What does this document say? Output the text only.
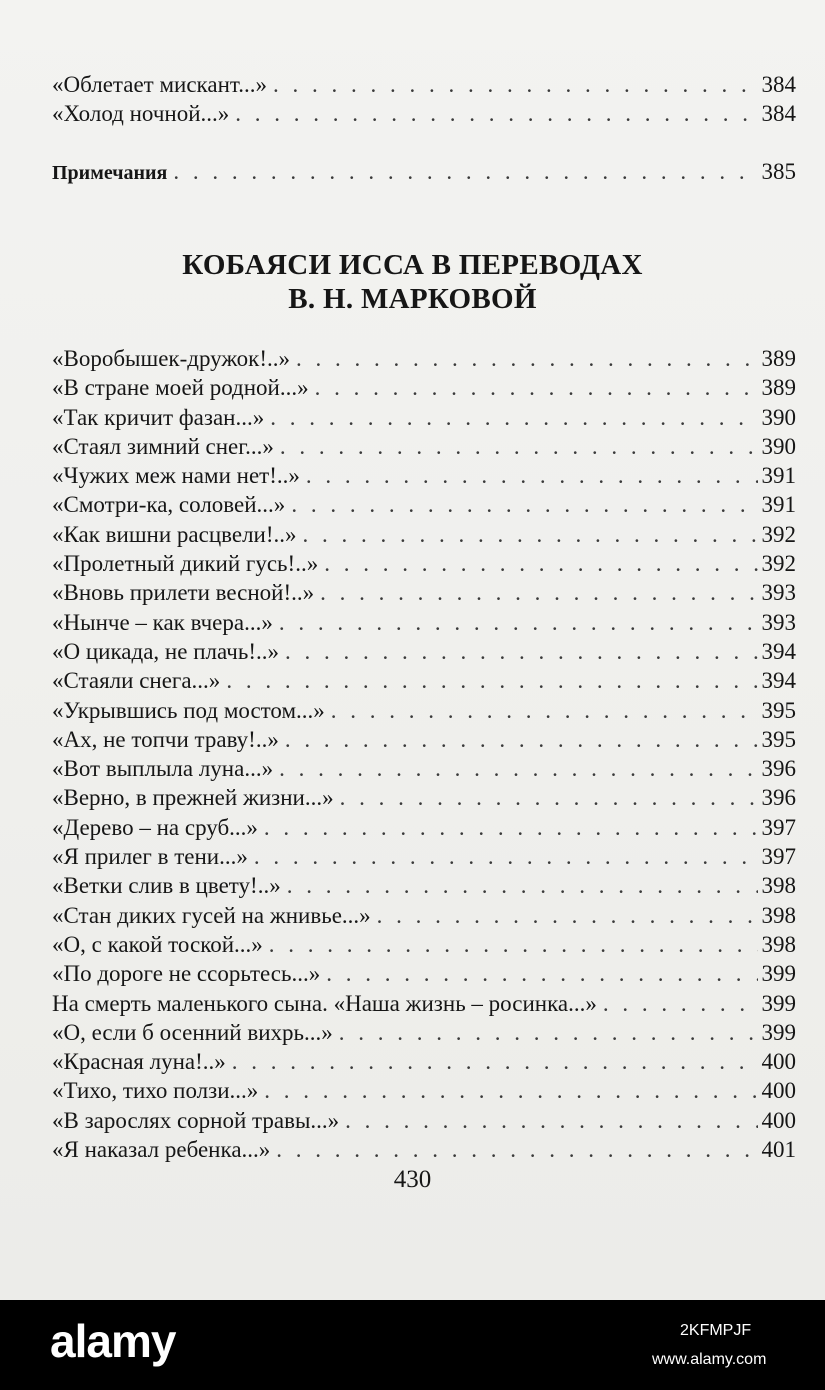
«Облетает мискант...» . . .	384
«Холод ночной...» . . .	384
Примечания . . .	385
КОБАЯСИ ИССА В ПЕРЕВОДАХ
В. Н. МАРКОВОЙ
«Воробышек-дружок!..» . . .	389
«В стране моей родной...» . . .	389
«Так кричит фазан...» . . .	390
«Стаял зимний снег...» . . .	390
«Чужих меж нами нет!..» . . .	391
«Смотри-ка, соловей...» . . .	391
«Как вишни расцвели!..» . . .	392
«Пролетный дикий гусь!..» . . .	392
«Вновь прилети весной!..» . . .	393
«Нынче – как вчера...» . . .	393
«О цикада, не плачь!..» . . .	394
«Стаяли снега...» . . .	394
«Укрывшись под мостом...» . . .	395
«Ах, не топчи траву!..» . . .	395
«Вот выплыла луна...» . . .	396
«Верно, в прежней жизни...» . . .	396
«Дерево – на сруб...» . . .	397
«Я прилег в тени...» . . .	397
«Ветки слив в цвету!..» . . .	398
«Стан диких гусей на жнивье...» . . .	398
«О, с какой тоской...» . . .	398
«По дороге не ссорьтесь...» . . .	399
На смерть маленького сына. «Наша жизнь – росинка...» . . .	399
«О, если б осенний вихрь...» . . .	399
«Красная луна!..» . . .	400
«Тихо, тихо ползи...» . . .	400
«В зарослях сорной травы...» . . .	400
«Я наказал ребенка...» . . .	401
430
alamy	2KFMPJF
www.alamy.com
